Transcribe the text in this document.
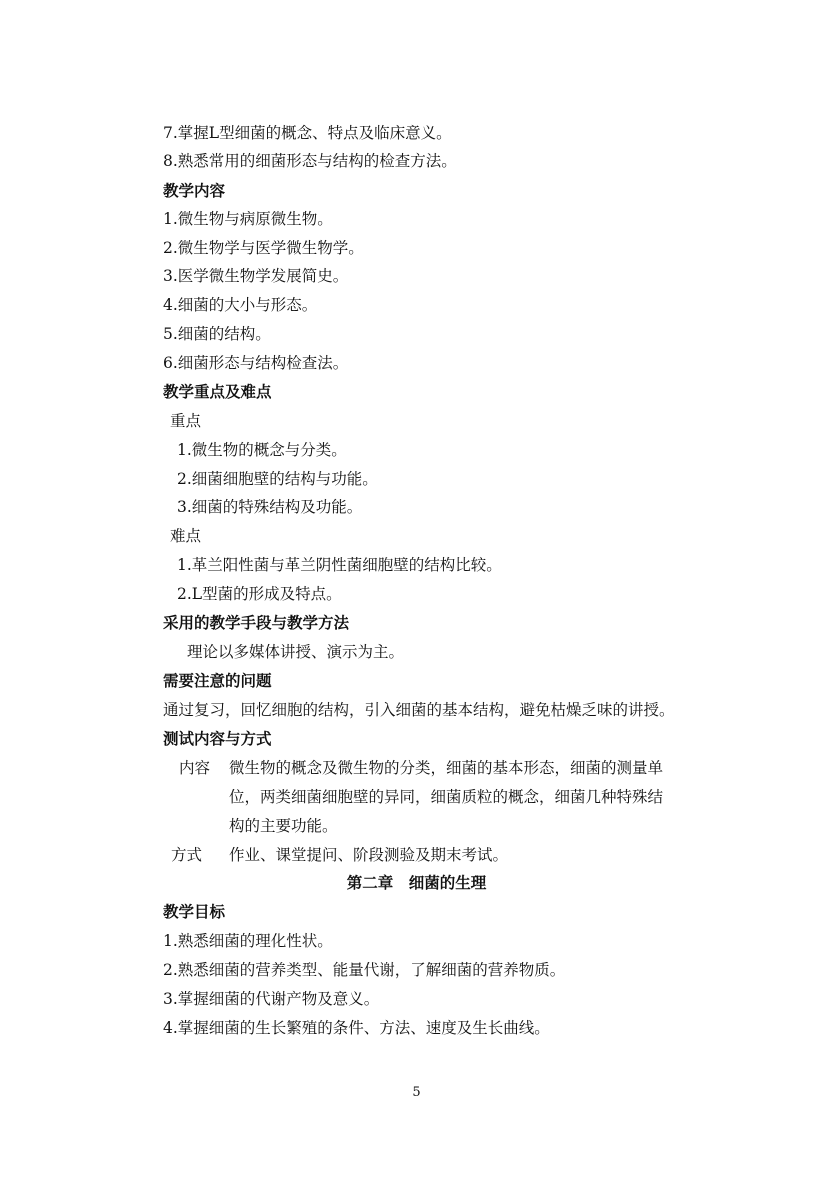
7.掌握L型细菌的概念、特点及临床意义。
8.熟悉常用的细菌形态与结构的检查方法。
教学内容
1.微生物与病原微生物。
2.微生物学与医学微生物学。
3.医学微生物学发展简史。
4.细菌的大小与形态。
5.细菌的结构。
6.细菌形态与结构检查法。
教学重点及难点
重点
1.微生物的概念与分类。
2.细菌细胞壁的结构与功能。
3.细菌的特殊结构及功能。
难点
1.革兰阳性菌与革兰阴性菌细胞壁的结构比较。
2.L型菌的形成及特点。
采用的教学手段与教学方法
理论以多媒体讲授、演示为主。
需要注意的问题
通过复习，回忆细胞的结构，引入细菌的基本结构，避免枯燥乏味的讲授。
测试内容与方式
内容 微生物的概念及微生物的分类，细菌的基本形态，细菌的测量单
位，两类细菌细胞壁的异同，细菌质粒的概念，细菌几种特殊结
构的主要功能。
方式 作业、课堂提问、阶段测验及期末考试。
第二章　细菌的生理
教学目标
1.熟悉细菌的理化性状。
2.熟悉细菌的营养类型、能量代谢，了解细菌的营养物质。
3.掌握细菌的代谢产物及意义。
4.掌握细菌的生长繁殖的条件、方法、速度及生长曲线。
5
